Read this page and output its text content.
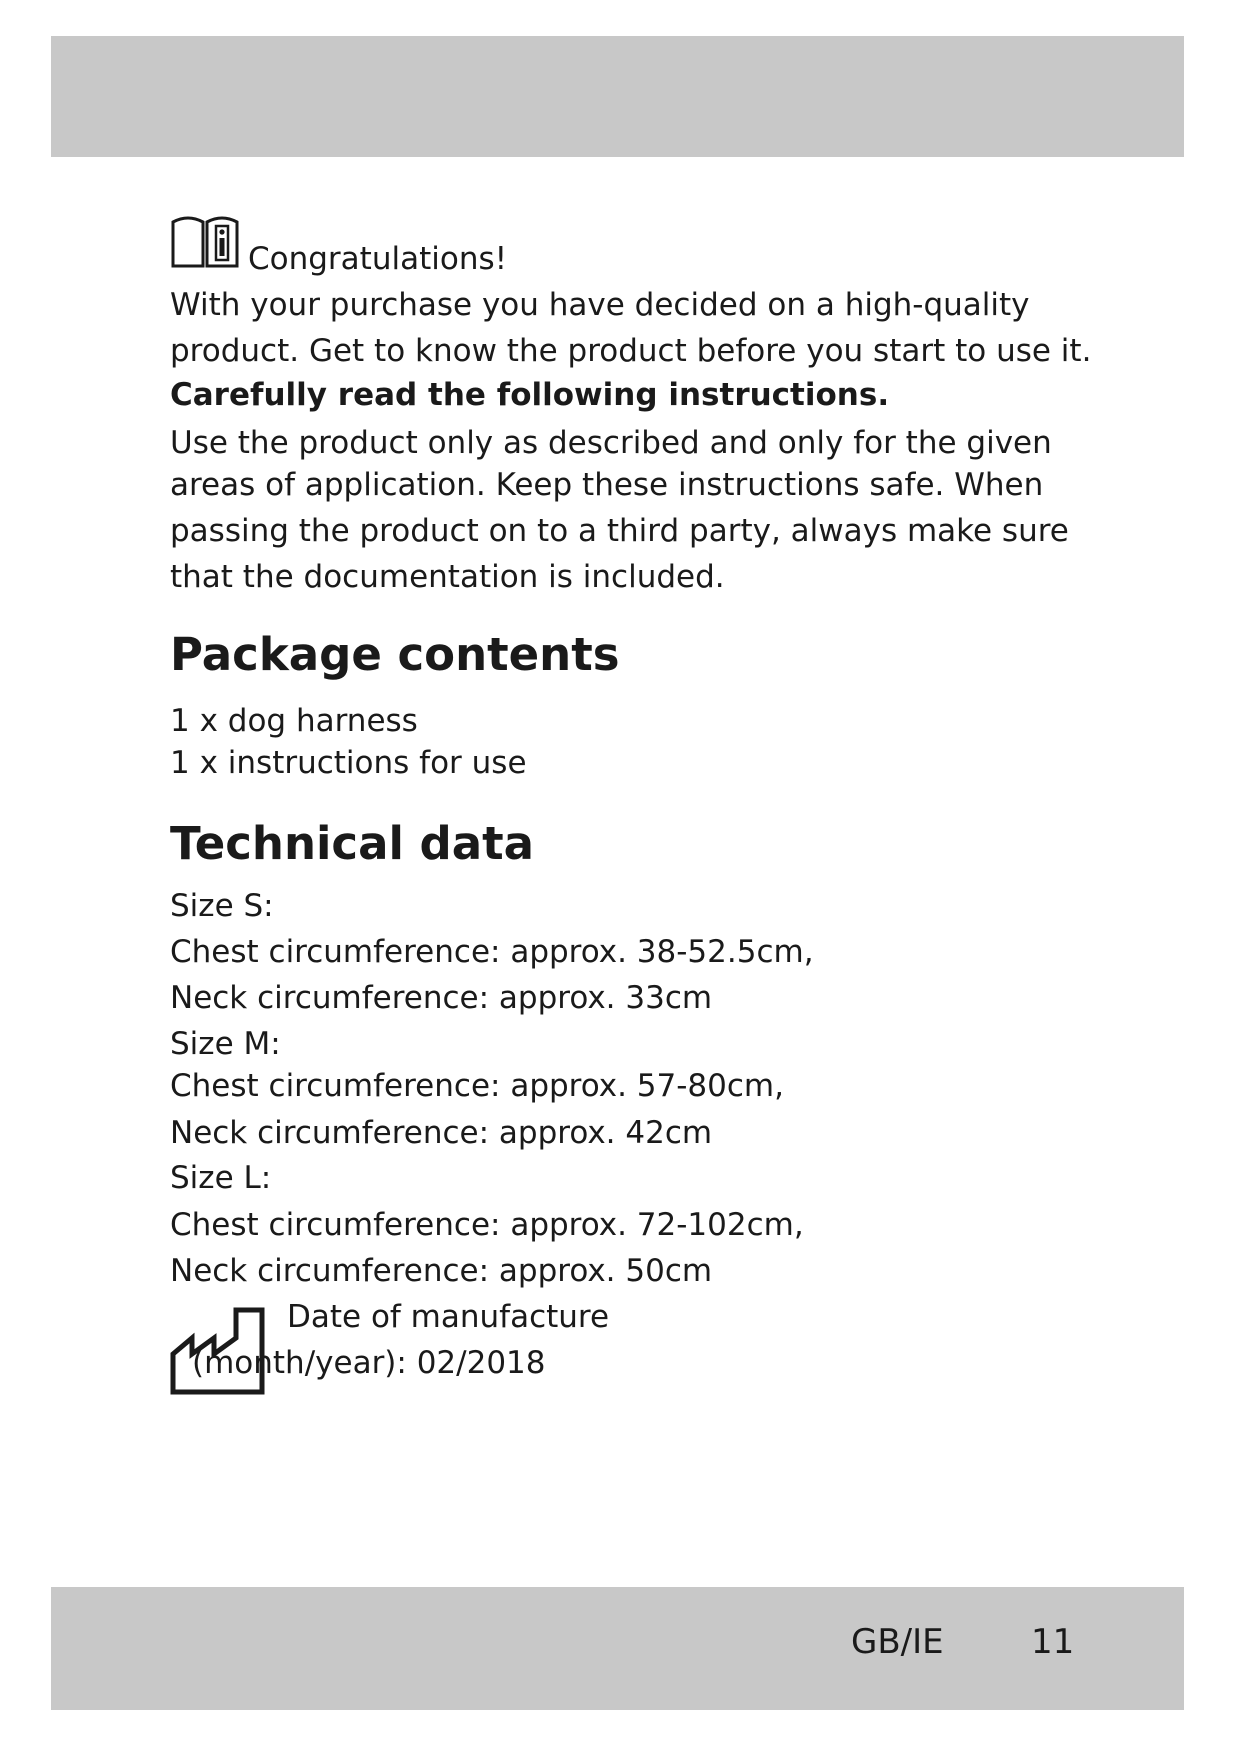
Congratulations!
With your purchase you have decided on a high-quality
product. Get to know the product before you start to use it.
Carefully read the following instructions.
Use the product only as described and only for the given
areas of application. Keep these instructions safe. When
passing the product on to a third party, always make sure
that the documentation is included.
Package contents
1 x dog harness
1 x instructions for use
Technical data
Size S:
Chest circumference: approx. 38-52.5cm,
Neck circumference: approx. 33cm
Size M:
Chest circumference: approx. 57-80cm,
Neck circumference: approx. 42cm
Size L:
Chest circumference: approx. 72-102cm,
Neck circumference: approx. 50cm
Date of manufacture
(month/year): 02/2018
GB/IE	11
